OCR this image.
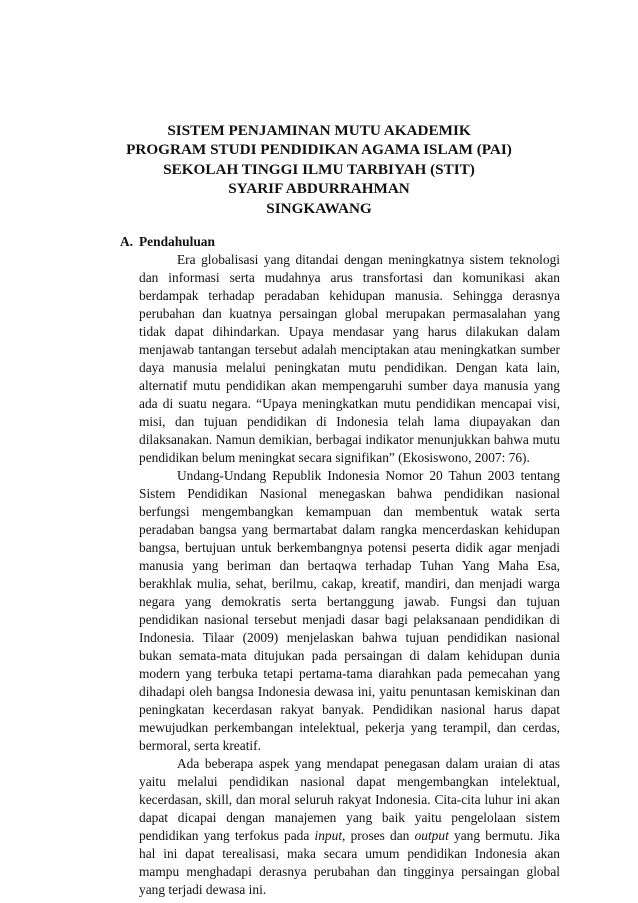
SISTEM PENJAMINAN MUTU AKADEMIK
PROGRAM STUDI PENDIDIKAN AGAMA ISLAM (PAI)
SEKOLAH TINGGI ILMU TARBIYAH (STIT)
SYARIF ABDURRAHMAN
SINGKAWANG
A. Pendahuluan

Era globalisasi yang ditandai dengan meningkatnya sistem teknologi dan informasi serta mudahnya arus transfortasi dan komunikasi akan berdampak terhadap peradaban kehidupan manusia. Sehingga derasnya perubahan dan kuatnya persaingan global merupakan permasalahan yang tidak dapat dihindarkan. Upaya mendasar yang harus dilakukan dalam menjawab tantangan tersebut adalah menciptakan atau meningkatkan sumber daya manusia melalui peningkatan mutu pendidikan. Dengan kata lain, alternatif mutu pendidikan akan mempengaruhi sumber daya manusia yang ada di suatu negara. “Upaya meningkatkan mutu pendidikan mencapai visi, misi, dan tujuan pendidikan di Indonesia telah lama diupayakan dan dilaksanakan. Namun demikian, berbagai indikator menunjukkan bahwa mutu pendidikan belum meningkat secara signifikan” (Ekosiswono, 2007: 76).

Undang-Undang Republik Indonesia Nomor 20 Tahun 2003 tentang Sistem Pendidikan Nasional menegaskan bahwa pendidikan nasional berfungsi mengembangkan kemampuan dan membentuk watak serta peradaban bangsa yang bermartabat dalam rangka mencerdaskan kehidupan bangsa, bertujuan untuk berkembangnya potensi peserta didik agar menjadi manusia yang beriman dan bertaqwa terhadap Tuhan Yang Maha Esa, berakhlak mulia, sehat, berilmu, cakap, kreatif, mandiri, dan menjadi warga negara yang demokratis serta bertanggung jawab. Fungsi dan tujuan pendidikan nasional tersebut menjadi dasar bagi pelaksanaan pendidikan di Indonesia. Tilaar (2009) menjelaskan bahwa tujuan pendidikan nasional bukan semata-mata ditujukan pada persaingan di dalam kehidupan dunia modern yang terbuka tetapi pertama-tama diarahkan pada pemecahan yang dihadapi oleh bangsa Indonesia dewasa ini, yaitu penuntasan kemiskinan dan peningkatan kecerdasan rakyat banyak. Pendidikan nasional harus dapat mewujudkan perkembangan intelektual, pekerja yang terampil, dan cerdas, bermoral, serta kreatif.

Ada beberapa aspek yang mendapat penegasan dalam uraian di atas yaitu melalui pendidikan nasional dapat mengembangkan intelektual, kecerdasan, skill, dan moral seluruh rakyat Indonesia. Cita-cita luhur ini akan dapat dicapai dengan manajemen yang baik yaitu pengelolaan sistem pendidikan yang terfokus pada input, proses dan output yang bermutu. Jika hal ini dapat terealisasi, maka secara umum pendidikan Indonesia akan mampu menghadapi derasnya perubahan dan tingginya persaingan global yang terjadi dewasa ini.
